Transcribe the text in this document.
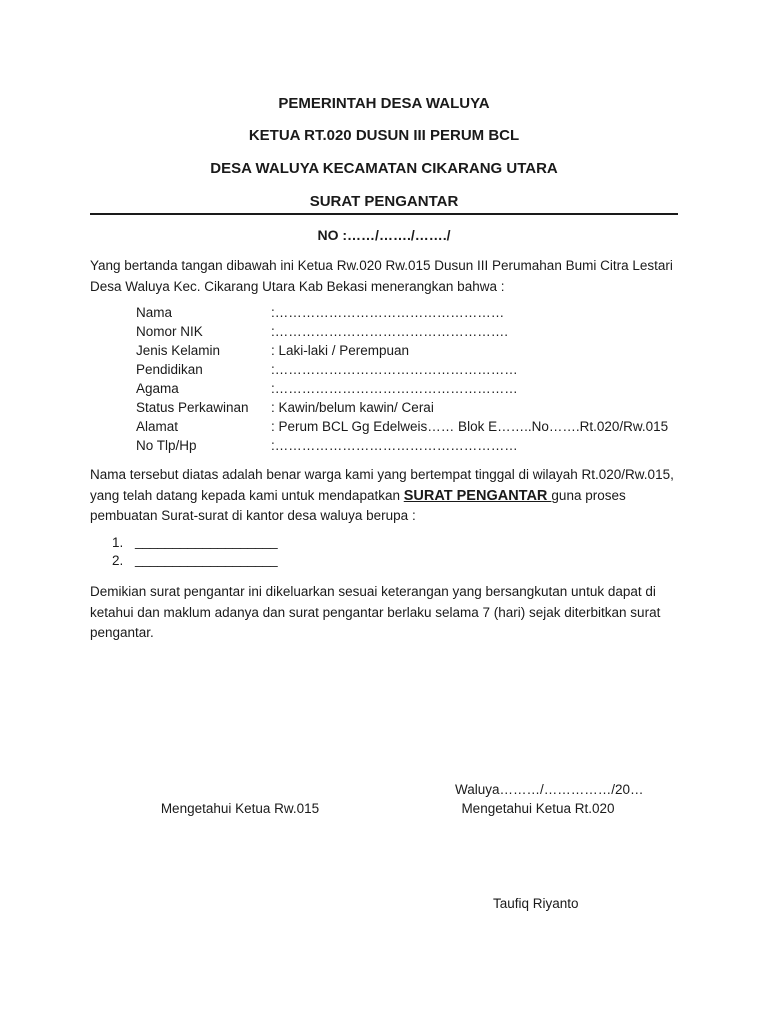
PEMERINTAH DESA WALUYA
KETUA RT.020 DUSUN III PERUM BCL
DESA WALUYA KECAMATAN CIKARANG UTARA
SURAT PENGANTAR
NO :……/……./……./
Yang bertanda tangan dibawah ini Ketua Rw.020 Rw.015 Dusun III Perumahan Bumi Citra Lestari Desa Waluya Kec. Cikarang Utara Kab Bekasi menerangkan bahwa :
Nama	:……………………………………………
Nomor NIK	:…………………………………………….
Jenis Kelamin	: Laki-laki / Perempuan
Pendidikan	:………………………………………………
Agama	:………………………………………………
Status Perkawinan : Kawin/belum kawin/ Cerai
Alamat	: Perum BCL Gg Edelweis…… Blok E……..No…….Rt.020/Rw.015
No Tlp/Hp	:………………………………………………
Nama tersebut diatas adalah benar warga kami yang bertempat tinggal di wilayah Rt.020/Rw.015, yang telah datang kepada kami untuk mendapatkan SURAT PENGANTAR guna proses pembuatan Surat-surat di kantor desa waluya berupa :
1. ___________________
2. ___________________
Demikian surat pengantar ini dikeluarkan sesuai keterangan yang bersangkutan untuk dapat di ketahui dan maklum adanya dan surat pengantar berlaku selama 7 (hari) sejak diterbitkan surat pengantar.
Waluya………/……………/20…
Mengetahui Ketua Rw.015	Mengetahui Ketua Rt.020
Taufiq Riyanto
